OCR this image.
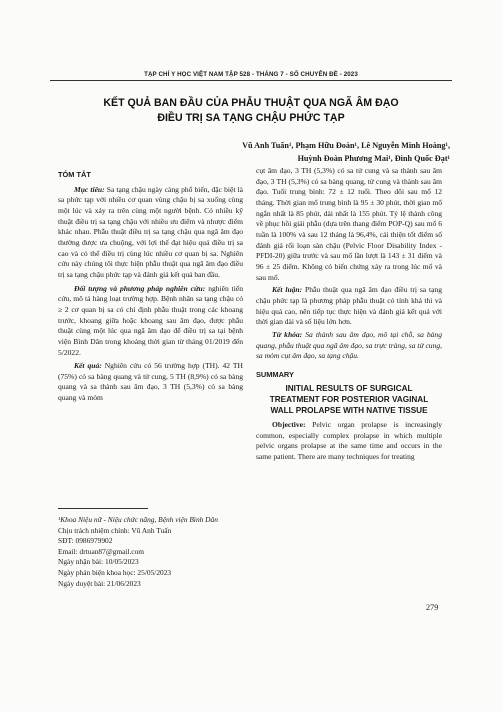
TẠP CHÍ Y HỌC VIỆT NAM TẬP 528 - THÁNG 7 - SỐ CHUYÊN ĐỀ - 2023
KẾT QUẢ BAN ĐẦU CỦA PHẪU THUẬT QUA NGÃ ÂM ĐẠO
ĐIỀU TRỊ SA TẠNG CHẬU PHỨC TẠP
Vũ Anh Tuấn¹, Phạm Hữu Đoàn¹, Lê Nguyễn Minh Hoàng¹,
Huỳnh Đoàn Phương Mai¹, Đinh Quốc Đạt¹

TÓM TẮT

Mục tiêu: Sa tạng chậu ngày càng phổ biến, đặc biệt là sa phức tạp với nhiều cơ quan vùng chậu bị sa xuống cùng một lúc và xảy ra trên cùng một người bệnh. Có nhiều kỹ thuật điều trị sa tạng chậu với nhiều ưu điểm và nhược điểm khác nhau. Phẫu thuật điều trị sa tạng chậu qua ngã âm đạo thường được ưa chuộng, với lợi thế đạt hiệu quả điều trị sa cao và có thể điều trị cùng lúc nhiều cơ quan bị sa. Nghiên cứu này chúng tôi thực hiện phẫu thuật qua ngã âm đạo điều trị sa tạng chậu phức tạp và đánh giá kết quả ban đầu.

Đối tượng và phương pháp nghiên cứu: nghiên tiến cứu, mô tả hàng loạt trường hợp. Bệnh nhân sa tạng chậu có ≥ 2 cơ quan bị sa có chỉ định phẫu thuật trong các khoang trước, khoang giữa hoặc khoang sau âm đạo, được phẫu thuật cùng một lúc qua ngã âm đạo để điều trị sa tại bệnh viện Bình Dân trong khoảng thời gian từ tháng 01/2019 đến 5/2022.

Kết quả: Nghiên cứu có 56 trường hợp (TH). 42 TH (75%) có sa bàng quang và tử cung, 5 TH (8,9%) có sa bàng quang và sa thành sau âm đạo, 3 TH (5,3%) có sa bàng quang và mỏm

¹Khoa Niệu nữ - Niệu chức năng, Bệnh viện Bình Dân

Chịu trách nhiệm chính: Vũ Anh Tuấn

SĐT: 0986979902

Email: drtuan87@gmail.com

Ngày nhận bài: 10/05/2023

Ngày phản biện khoa học: 25/05/2023

Ngày duyệt bài: 21/06/2023

cụt âm đạo, 3 TH (5,3%) có sa tử cung và sa thành sau âm đạo, 3 TH (5,3%) có sa bàng quang, tử cung và thành sau âm đạo. Tuổi trung bình: 72 ± 12 tuổi. Theo dõi sau mổ 12 tháng. Thời gian mổ trung bình là 95 ± 30 phút, thời gian mổ ngắn nhất là 85 phút, dài nhất là 155 phút. Tỷ lệ thành công về phục hồi giải phẫu (dựa trên thang điểm POP-Q) sau mổ 6 tuần là 100% và sau 12 tháng là 96,4%, cải thiện tốt điểm số đánh giá rối loạn sàn chậu (Pelvic Floor Disability Index -PFDI-20) giữa trước và sau mổ lần lượt là 143 ± 31 điểm và 96 ± 25 điểm. Không có biến chứng xảy ra trong lúc mổ và sau mổ.

Kết luận: Phẫu thuật qua ngã âm đạo điều trị sa tạng chậu phức tạp là phương pháp phẫu thuật có tính khả thi và hiệu quả cao, nên tiếp tục thực hiện và đánh giá kết quả với thời gian dài và số liệu lớn hơn.

Từ khóa: Sa thành sau âm đạo, mô tại chỗ, sa bàng quang, phẫu thuật qua ngã âm đạo, sa trực tràng, sa tử cung, sa mỏm cụt âm đạo, sa tạng chậu.

SUMMARY

INITIAL RESULTS OF SURGICAL TREATMENT FOR POSTERIOR VAGINAL WALL PROLAPSE WITH NATIVE TISSUE

Objective: Pelvic organ prolapse is increasingly common, especially complex prolapse in which multiple pelvic organs prolapse at the same time and occurs in the same patient. There are many techniques for treating

279
